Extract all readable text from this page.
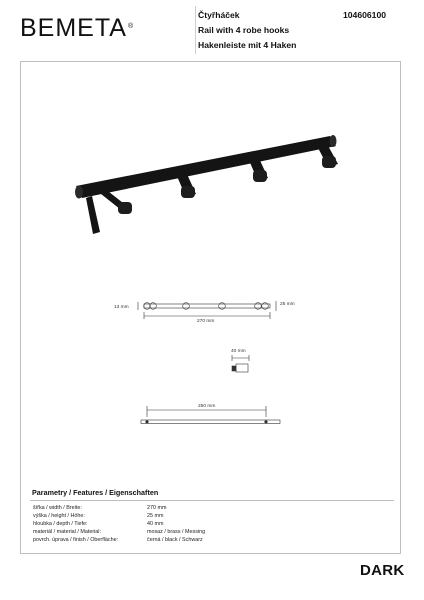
BEMETA®
Čtyřháček
Rail with 4 robe hooks
Hakenleiste mit 4 Haken
104606100
13 mm
25 mm
270 mm
40 mm
250 mm
Parametry / Features / Eigenschaften
šířka / width / Breite:	270 mm
výška / height / Höhe:	25 mm
hloubka / depth / Tiefe:	40 mm
materiál / material / Material:	mosaz / brass / Messing
povrch. úprava / finish / Oberfläche:	černá / black / Schwarz
DARK
